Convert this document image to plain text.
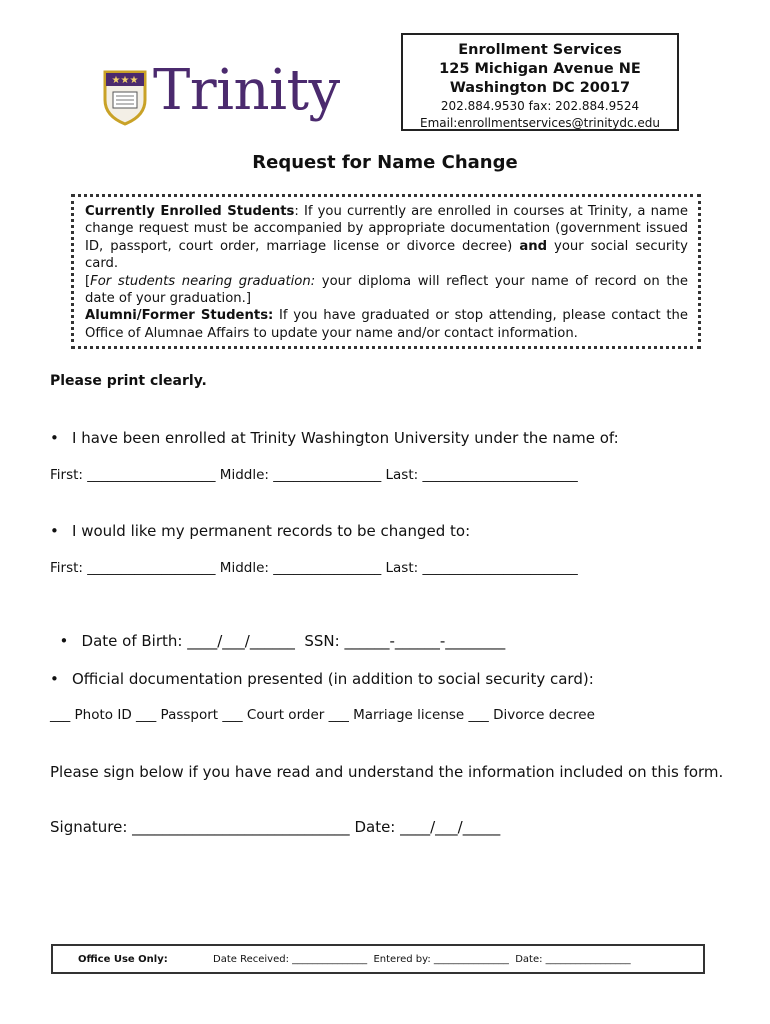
★★★ Trinity
Enrollment Services
125 Michigan Avenue NE
Washington DC 20017
202.884.9530 fax: 202.884.9524
Email:enrollmentservices@trinitydc.edu
Request for Name Change

Currently Enrolled Students: If you currently are enrolled in courses at Trinity, a name change request must be accompanied by appropriate documentation (government issued ID, passport, court order, marriage license or divorce decree) and your social security card.

[For students nearing graduation: your diploma will reflect your name of record on the date of your graduation.]

Alumni/Former Students: If you have graduated or stop attending, please contact the Office of Alumnae Affairs to update your name and/or contact information.

Please print clearly.
• I have been enrolled at Trinity Washington University under the name of:
First: ___________________ Middle: ________________ Last: _______________________
• I would like my permanent records to be changed to:
First: ___________________ Middle: ________________ Last: _______________________

• Date of Birth: ____/___/______  SSN: ______-______-________

• Official documentation presented (in addition to social security card):
___ Photo ID ___ Passport ___ Court order ___ Marriage license ___ Divorce decree
Please sign below if you have read and understand the information included on this form.
Signature: _____________________________ Date: ____/___/_____
Office Use Only:	Date Received: _______________  Entered by: _______________  Date: _________________
